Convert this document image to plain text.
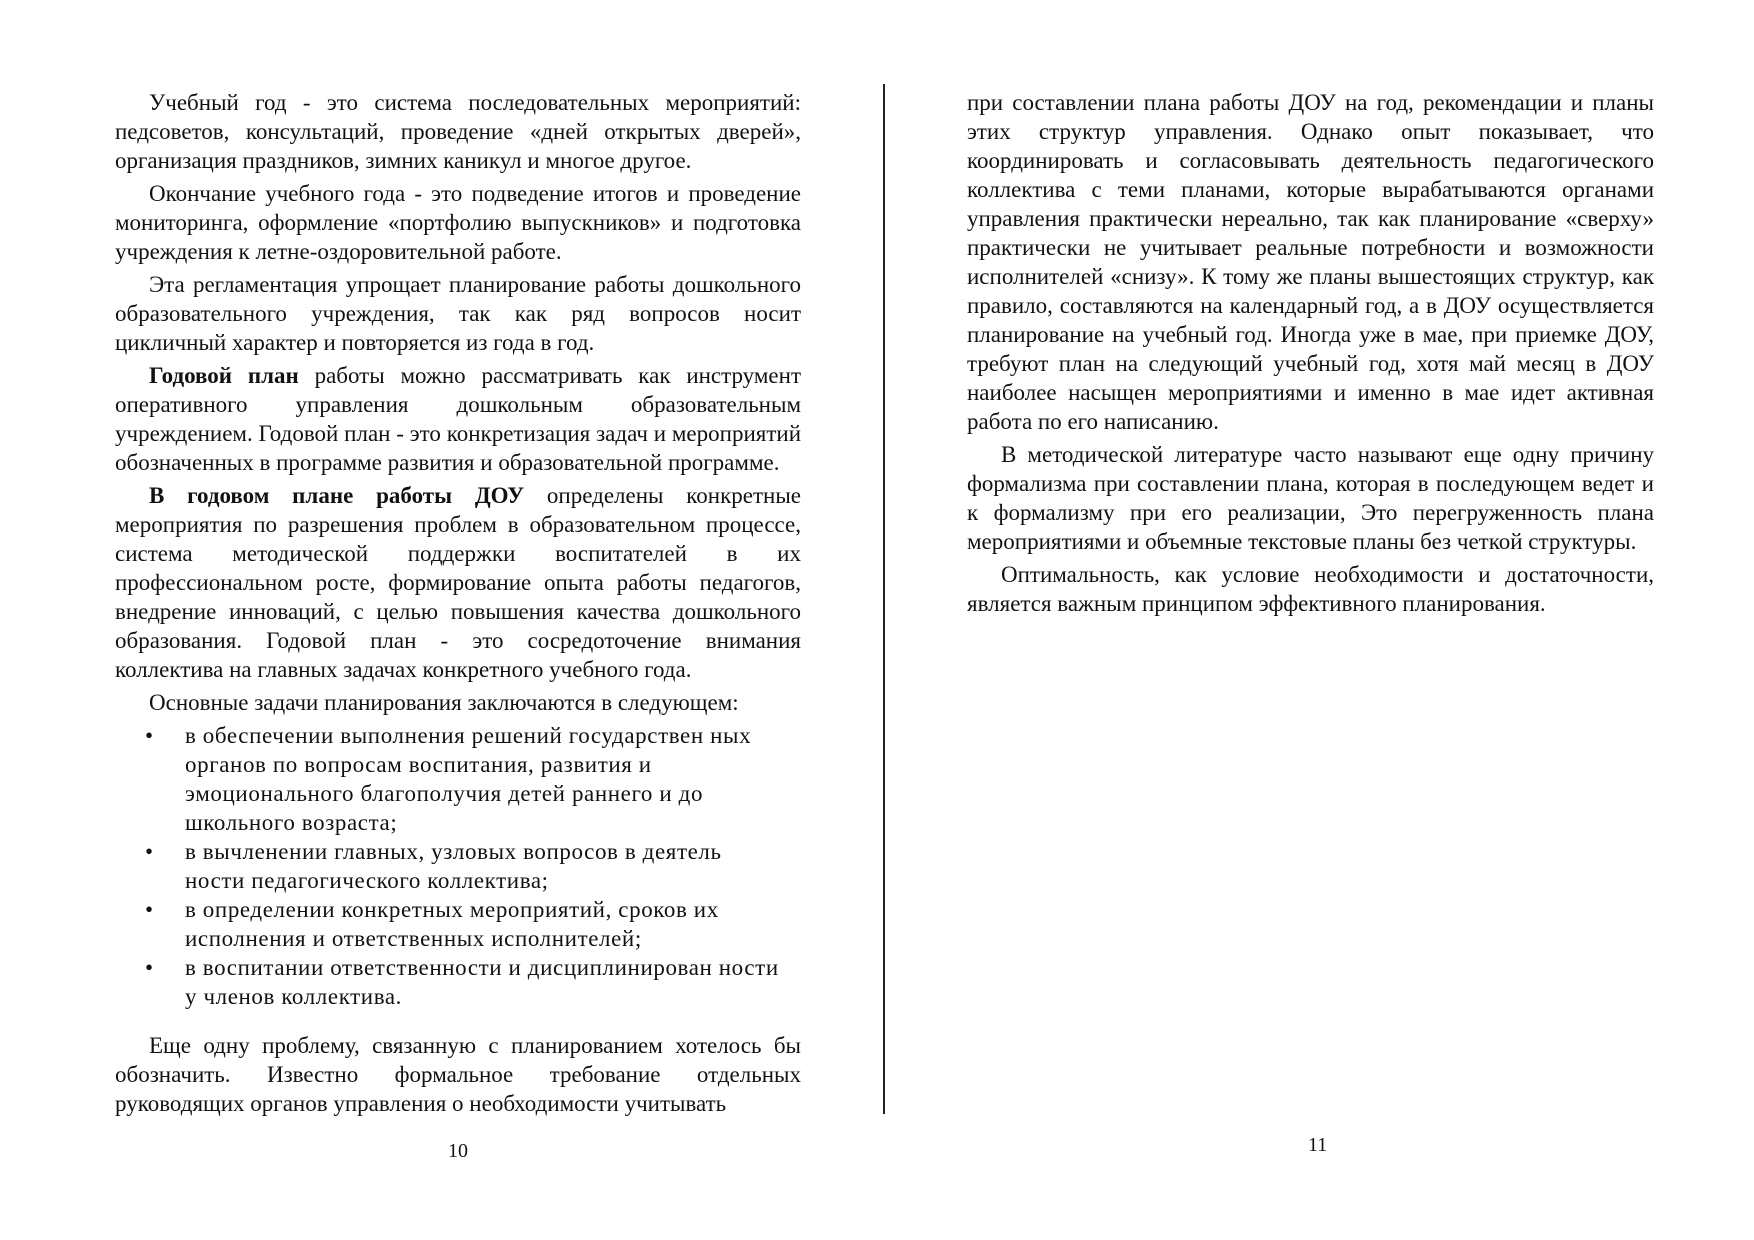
Учебный год - это система последовательных мероприятий: педсоветов, консультаций, проведение «дней открытых дверей», организация праздников, зимних каникул и многое другое.

Окончание учебного года - это подведение итогов и проведение мониторинга, оформление «портфолию выпускников» и подготовка учреждения к летне-оздоровительной работе.

Эта регламентация упрощает планирование работы дошкольного образовательного учреждения, так как ряд вопросов носит цикличный характер и повторяется из года в год.

Годовой план работы можно рассматривать как инструмент оперативного управления дошкольным образовательным учреждением. Годовой план - это конкретизация задач и мероприятий обозначенных в программе развития и образовательной программе.

В годовом плане работы ДОУ определены конкретные мероприятия по разрешения проблем в образовательном процессе, система методической поддержки воспитателей в их профессиональном росте, формирование опыта работы педагогов, внедрение инноваций, с целью повышения качества дошкольного образования. Годовой план - это сосредоточение внимания коллектива на главных задачах конкретного учебного года.

Основные задачи планирования заключаются в следующем:

• в обеспечении выполнения решений государствен ных органов по вопросам воспитания, развития и эмоционального благополучия детей раннего и до школьного возраста;
• в вычленении главных, узловых вопросов в деятель ности педагогического коллектива;
• в определении конкретных мероприятий, сроков их исполнения и ответственных исполнителей;
• в воспитании ответственности и дисциплинирован ности у членов коллектива.

Еще одну проблему, связанную с планированием хотелось бы обозначить. Известно формальное требование отдельных руководящих органов управления о необходимости учитывать

при составлении плана работы ДОУ на год, рекомендации и планы этих структур управления. Однако опыт показывает, что координировать и согласовывать деятельность педагогического коллектива с теми планами, которые вырабатываются органами управления практически нереально, так как планирование «сверху» практически не учитывает реальные потребности и возможности исполнителей «снизу». К тому же планы вышестоящих структур, как правило, составляются на календарный год, а в ДОУ осуществляется планирование на учебный год. Иногда уже в мае, при приемке ДОУ, требуют план на следующий учебный год, хотя май месяц в ДОУ наиболее насыщен мероприятиями и именно в мае идет активная работа по его написанию.

В методической литературе часто называют еще одну причину формализма при составлении плана, которая в последующем ведет и к формализму при его реализации, Это перегруженность плана мероприятиями и объемные текстовые планы без четкой структуры.

Оптимальность, как условие необходимости и достаточности, является важным принципом эффективного планирования.

10	11
